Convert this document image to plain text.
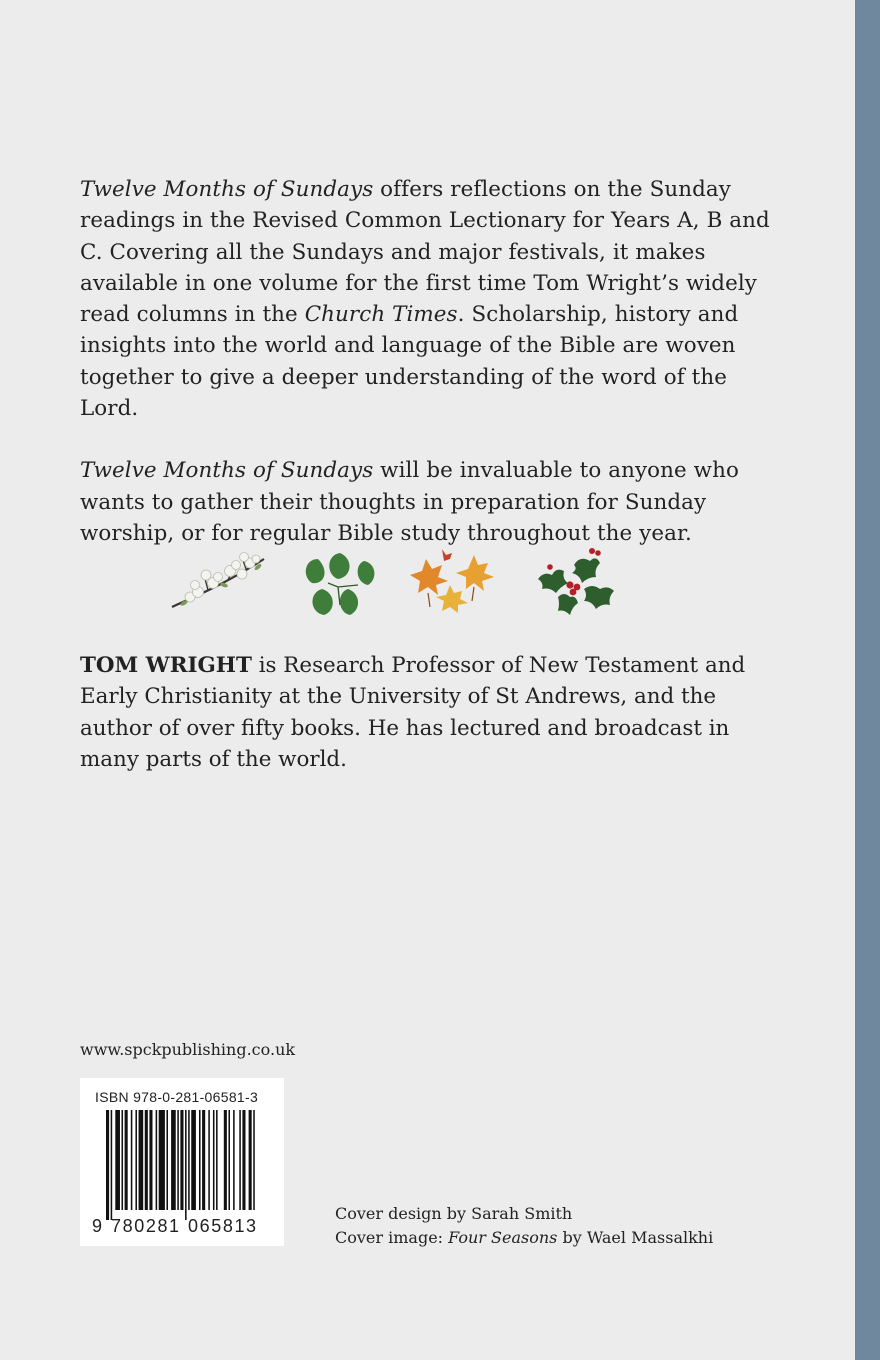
Twelve Months of Sundays offers reflections on the Sunday readings in the Revised Common Lectionary for Years A, B and C. Covering all the Sundays and major festivals, it makes available in one volume for the first time Tom Wright’s widely read columns in the Church Times. Scholarship, history and insights into the world and language of the Bible are woven together to give a deeper understanding of the word of the Lord.

Twelve Months of Sundays will be invaluable to anyone who wants to gather their thoughts in preparation for Sunday worship, or for regular Bible study throughout the year.

TOM WRIGHT is Research Professor of New Testament and Early Christianity at the University of St Andrews, and the author of over fifty books. He has lectured and broadcast in many parts of the world.

www.spckpublishing.co.uk
ISBN 978-0-281-06581-3
9 780281 065813
Cover design by Sarah Smith
Cover image: Four Seasons by Wael Massalkhi
